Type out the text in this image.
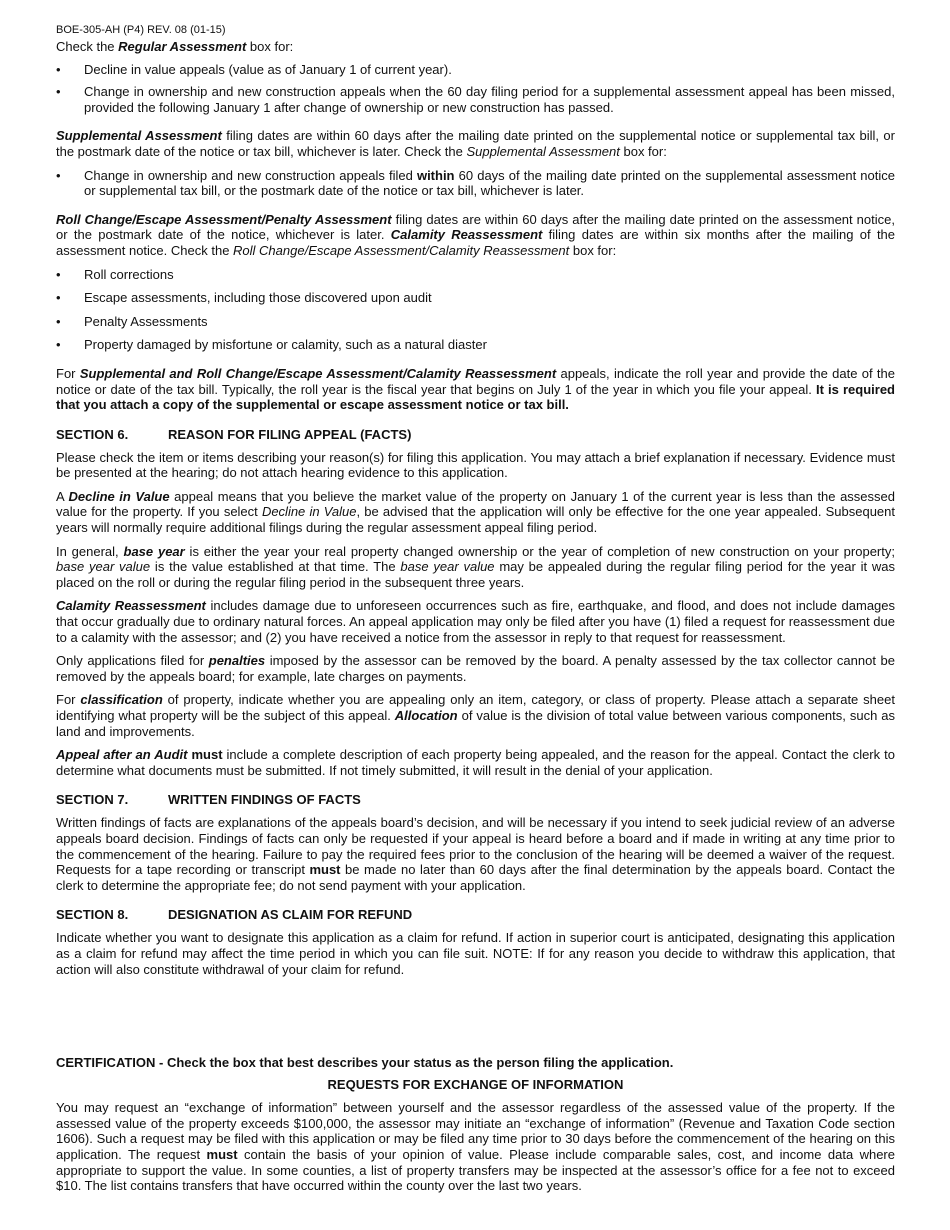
BOE-305-AH (P4) REV. 08 (01-15)

Check the Regular Assessment box for:

• Decline in value appeals (value as of January 1 of current year).
• Change in ownership and new construction appeals when the 60 day filing period for a supplemental assessment appeal has been missed, provided the following January 1 after change of ownership or new construction has passed.

Supplemental Assessment filing dates are within 60 days after the mailing date printed on the supplemental notice or supplemental tax bill, or the postmark date of the notice or tax bill, whichever is later. Check the Supplemental Assessment box for:

• Change in ownership and new construction appeals filed within 60 days of the mailing date printed on the supplemental assessment notice or supplemental tax bill, or the postmark date of the notice or tax bill, whichever is later.

Roll Change/Escape Assessment/Penalty Assessment filing dates are within 60 days after the mailing date printed on the assessment notice, or the postmark date of the notice, whichever is later. Calamity Reassessment filing dates are within six months after the mailing of the assessment notice. Check the Roll Change/Escape Assessment/Calamity Reassessment box for:

• Roll corrections
• Escape assessments, including those discovered upon audit
• Penalty Assessments
• Property damaged by misfortune or calamity, such as a natural diaster

For Supplemental and Roll Change/Escape Assessment/Calamity Reassessment appeals, indicate the roll year and provide the date of the notice or date of the tax bill. Typically, the roll year is the fiscal year that begins on July 1 of the year in which you file your appeal. It is required that you attach a copy of the supplemental or escape assessment notice or tax bill.

SECTION 6.	REASON FOR FILING APPEAL (FACTS)

Please check the item or items describing your reason(s) for filing this application. You may attach a brief explanation if necessary. Evidence must be presented at the hearing; do not attach hearing evidence to this application.

A Decline in Value appeal means that you believe the market value of the property on January 1 of the current year is less than the assessed value for the property. If you select Decline in Value, be advised that the application will only be effective for the one year appealed. Subsequent years will normally require additional filings during the regular assessment appeal filing period.

In general, base year is either the year your real property changed ownership or the year of completion of new construction on your property; base year value is the value established at that time. The base year value may be appealed during the regular filing period for the year it was placed on the roll or during the regular filing period in the subsequent three years.

Calamity Reassessment includes damage due to unforeseen occurrences such as fire, earthquake, and flood, and does not include damages that occur gradually due to ordinary natural forces. An appeal application may only be filed after you have (1) filed a request for reassessment due to a calamity with the assessor; and (2) you have received a notice from the assessor in reply to that request for reassessment.

Only applications filed for penalties imposed by the assessor can be removed by the board. A penalty assessed by the tax collector cannot be removed by the appeals board; for example, late charges on payments.

For classification of property, indicate whether you are appealing only an item, category, or class of property. Please attach a separate sheet identifying what property will be the subject of this appeal. Allocation of value is the division of total value between various components, such as land and improvements.

Appeal after an Audit must include a complete description of each property being appealed, and the reason for the appeal. Contact the clerk to determine what documents must be submitted. If not timely submitted, it will result in the denial of your application.

SECTION 7.	WRITTEN FINDINGS OF FACTS

Written findings of facts are explanations of the appeals board’s decision, and will be necessary if you intend to seek judicial review of an adverse appeals board decision. Findings of facts can only be requested if your appeal is heard before a board and if made in writing at any time prior to the commencement of the hearing. Failure to pay the required fees prior to the conclusion of the hearing will be deemed a waiver of the request. Requests for a tape recording or transcript must be made no later than 60 days after the final determination by the appeals board. Contact the clerk to determine the appropriate fee; do not send payment with your application.

SECTION 8.	DESIGNATION AS CLAIM FOR REFUND

Indicate whether you want to designate this application as a claim for refund. If action in superior court is anticipated, designating this application as a claim for refund may affect the time period in which you can file suit. NOTE: If for any reason you decide to withdraw this application, that action will also constitute withdrawal of your claim for refund.

CERTIFICATION - Check the box that best describes your status as the person filing the application.
REQUESTS FOR EXCHANGE OF INFORMATION

You may request an “exchange of information” between yourself and the assessor regardless of the assessed value of the property. If the assessed value of the property exceeds $100,000, the assessor may initiate an “exchange of information” (Revenue and Taxation Code section 1606). Such a request may be filed with this application or may be filed any time prior to 30 days before the commencement of the hearing on this application. The request must contain the basis of your opinion of value. Please include comparable sales, cost, and income data where appropriate to support the value. In some counties, a list of property transfers may be inspected at the assessor’s office for a fee not to exceed $10. The list contains transfers that have occurred within the county over the last two years.
